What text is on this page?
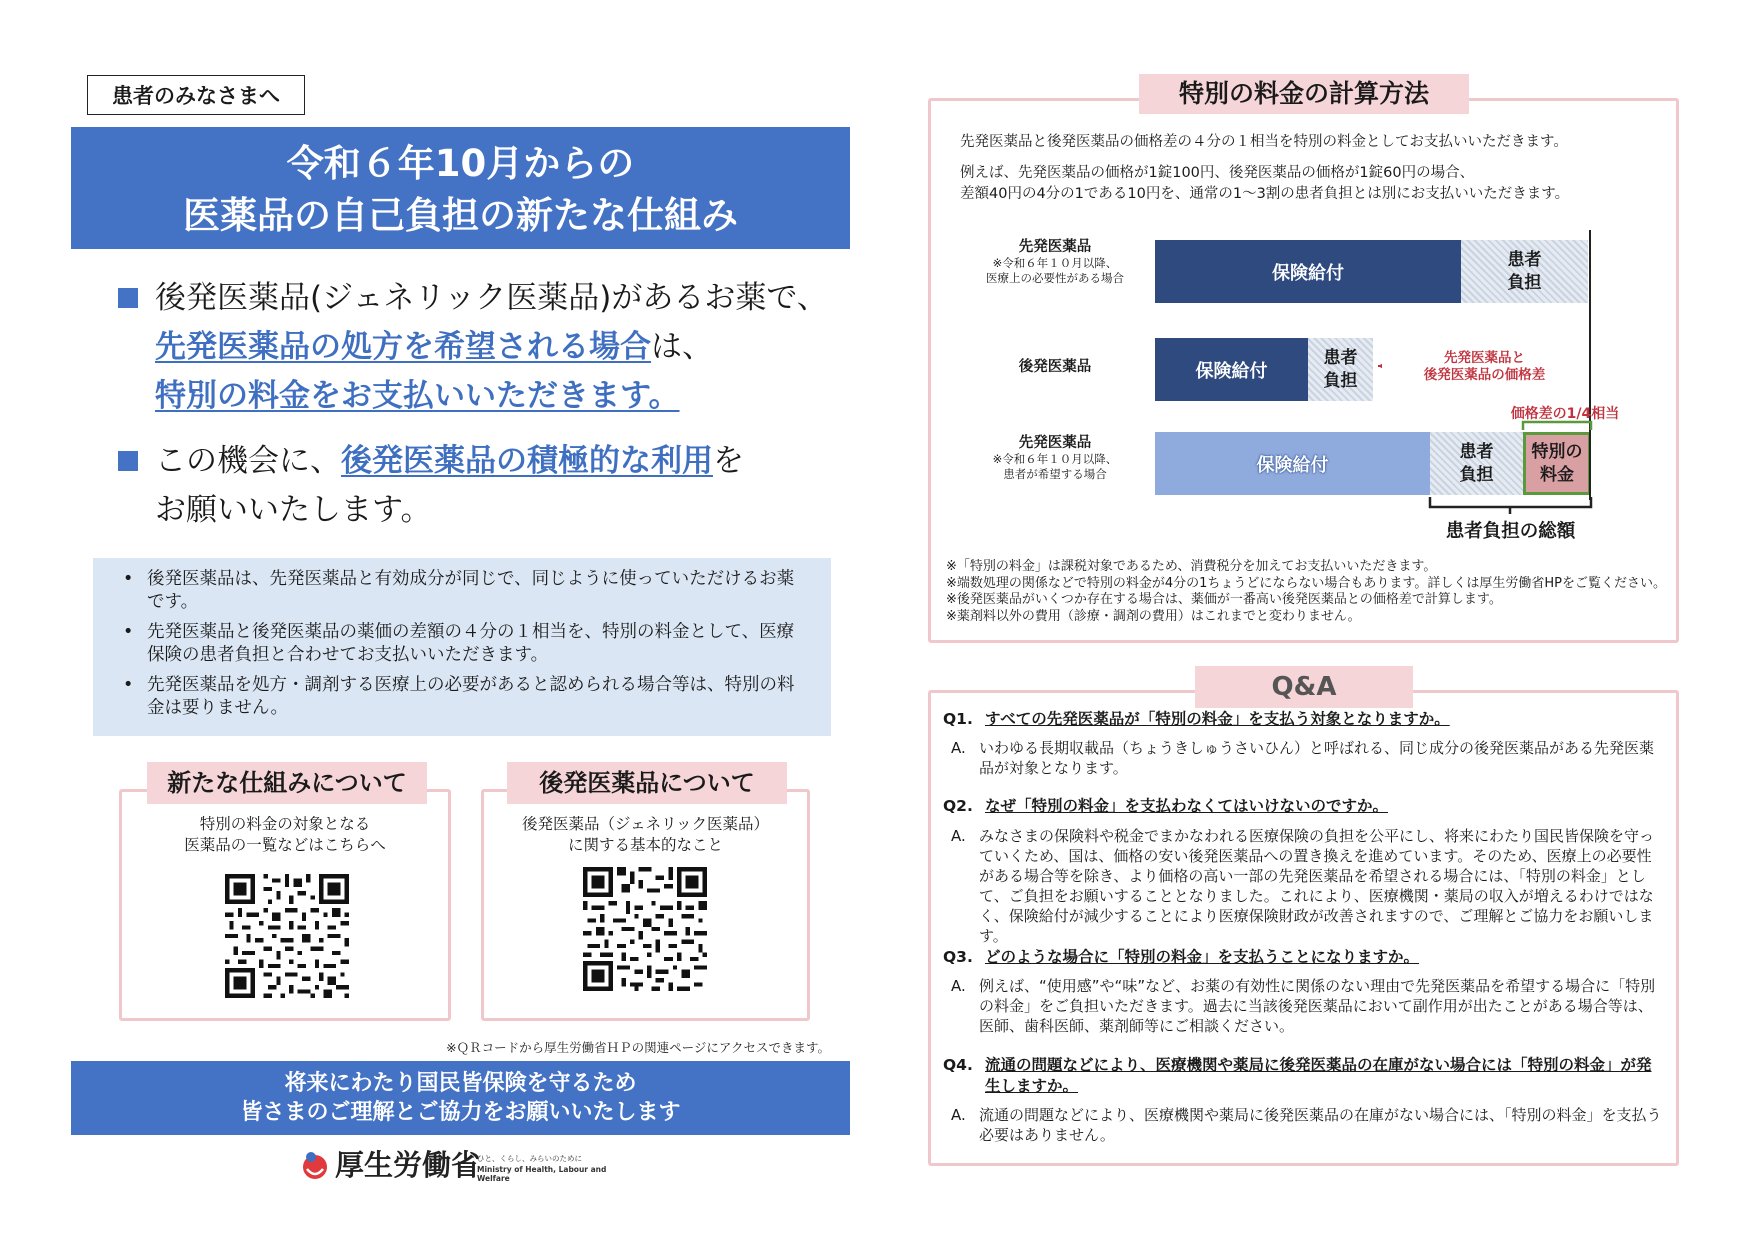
患者のみなさまへ
令和６年10月からの
医薬品の自己負担の新たな仕組み
後発医薬品(ジェネリック医薬品)があるお薬で、
先発医薬品の処方を希望される場合は、
特別の料金をお支払いいただきます。
この機会に、後発医薬品の積極的な利用を
お願いいたします。
• 後発医薬品は、先発医薬品と有効成分が同じで、同じように使っていただけるお薬です。
• 先発医薬品と後発医薬品の薬価の差額の４分の１相当を、特別の料金として、医療保険の患者負担と合わせてお支払いいただきます。
• 先発医薬品を処方・調剤する医療上の必要があると認められる場合等は、特別の料金は要りません。
特別の料金の対象となる
医薬品の一覧などはこちらへ
新たな仕組みについて
後発医薬品（ジェネリック医薬品）
に関する基本的なこと
後発医薬品について
※ＱＲコードから厚生労働省ＨＰの関連ページにアクセスできます。
将来にわたり国民皆保険を守るため
皆さまのご理解とご協力をお願いいたします
厚生労働省
ひと、くらし、みらいのために
Ministry of Health, Labour and Welfare
特別の料金の計算方法
先発医薬品と後発医薬品の価格差の４分の１相当を特別の料金としてお支払いいただきます。
例えば、先発医薬品の価格が1錠100円、後発医薬品の価格が1錠60円の場合、
差額40円の4分の1である10円を、通常の1～3割の患者負担とは別にお支払いいただきます。
先発医薬品
※令和６年１０月以降、
医療上の必要性がある場合	保険給付
患者
負担
後発医薬品	保険給付
患者
負担
先発医薬品
※令和６年１０月以降、
患者が希望する場合	保険給付
患者
負担
特別の
料金
先発医薬品と
後発医薬品の価格差
価格差の1/4相当
患者負担の総額
※「特別の料金」は課税対象であるため、消費税分を加えてお支払いいただきます。
※端数処理の関係などで特別の料金が4分の1ちょうどにならない場合もあります。詳しくは厚生労働省HPをご覧ください。
※後発医薬品がいくつか存在する場合は、薬価が一番高い後発医薬品との価格差で計算します。
※薬剤料以外の費用（診療・調剤の費用）はこれまでと変わりません。
Q&A
Q1. すべての先発医薬品が「特別の料金」を支払う対象となりますか。
A. いわゆる長期収載品（ちょうきしゅうさいひん）と呼ばれる、同じ成分の後発医薬品がある先発医薬品が対象となります。
Q2. なぜ「特別の料金」を支払わなくてはいけないのですか。
A. みなさまの保険料や税金でまかなわれる医療保険の負担を公平にし、将来にわたり国民皆保険を守っていくため、国は、価格の安い後発医薬品への置き換えを進めています。そのため、医療上の必要性がある場合等を除き、より価格の高い一部の先発医薬品を希望される場合には、「特別の料金」として、ご負担をお願いすることとなりました。これにより、医療機関・薬局の収入が増えるわけではなく、保険給付が減少することにより医療保険財政が改善されますので、ご理解とご協力をお願いします。
Q3. どのような場合に「特別の料金」を支払うことになりますか。
A. 例えば、“使用感”や“味”など、お薬の有効性に関係のない理由で先発医薬品を希望する場合に「特別の料金」をご負担いただきます。過去に当該後発医薬品において副作用が出たことがある場合等は、医師、歯科医師、薬剤師等にご相談ください。
Q4. 流通の問題などにより、医療機関や薬局に後発医薬品の在庫がない場合には「特別の料金」が発生しますか。
A. 流通の問題などにより、医療機関や薬局に後発医薬品の在庫がない場合には、「特別の料金」を支払う必要はありません。
